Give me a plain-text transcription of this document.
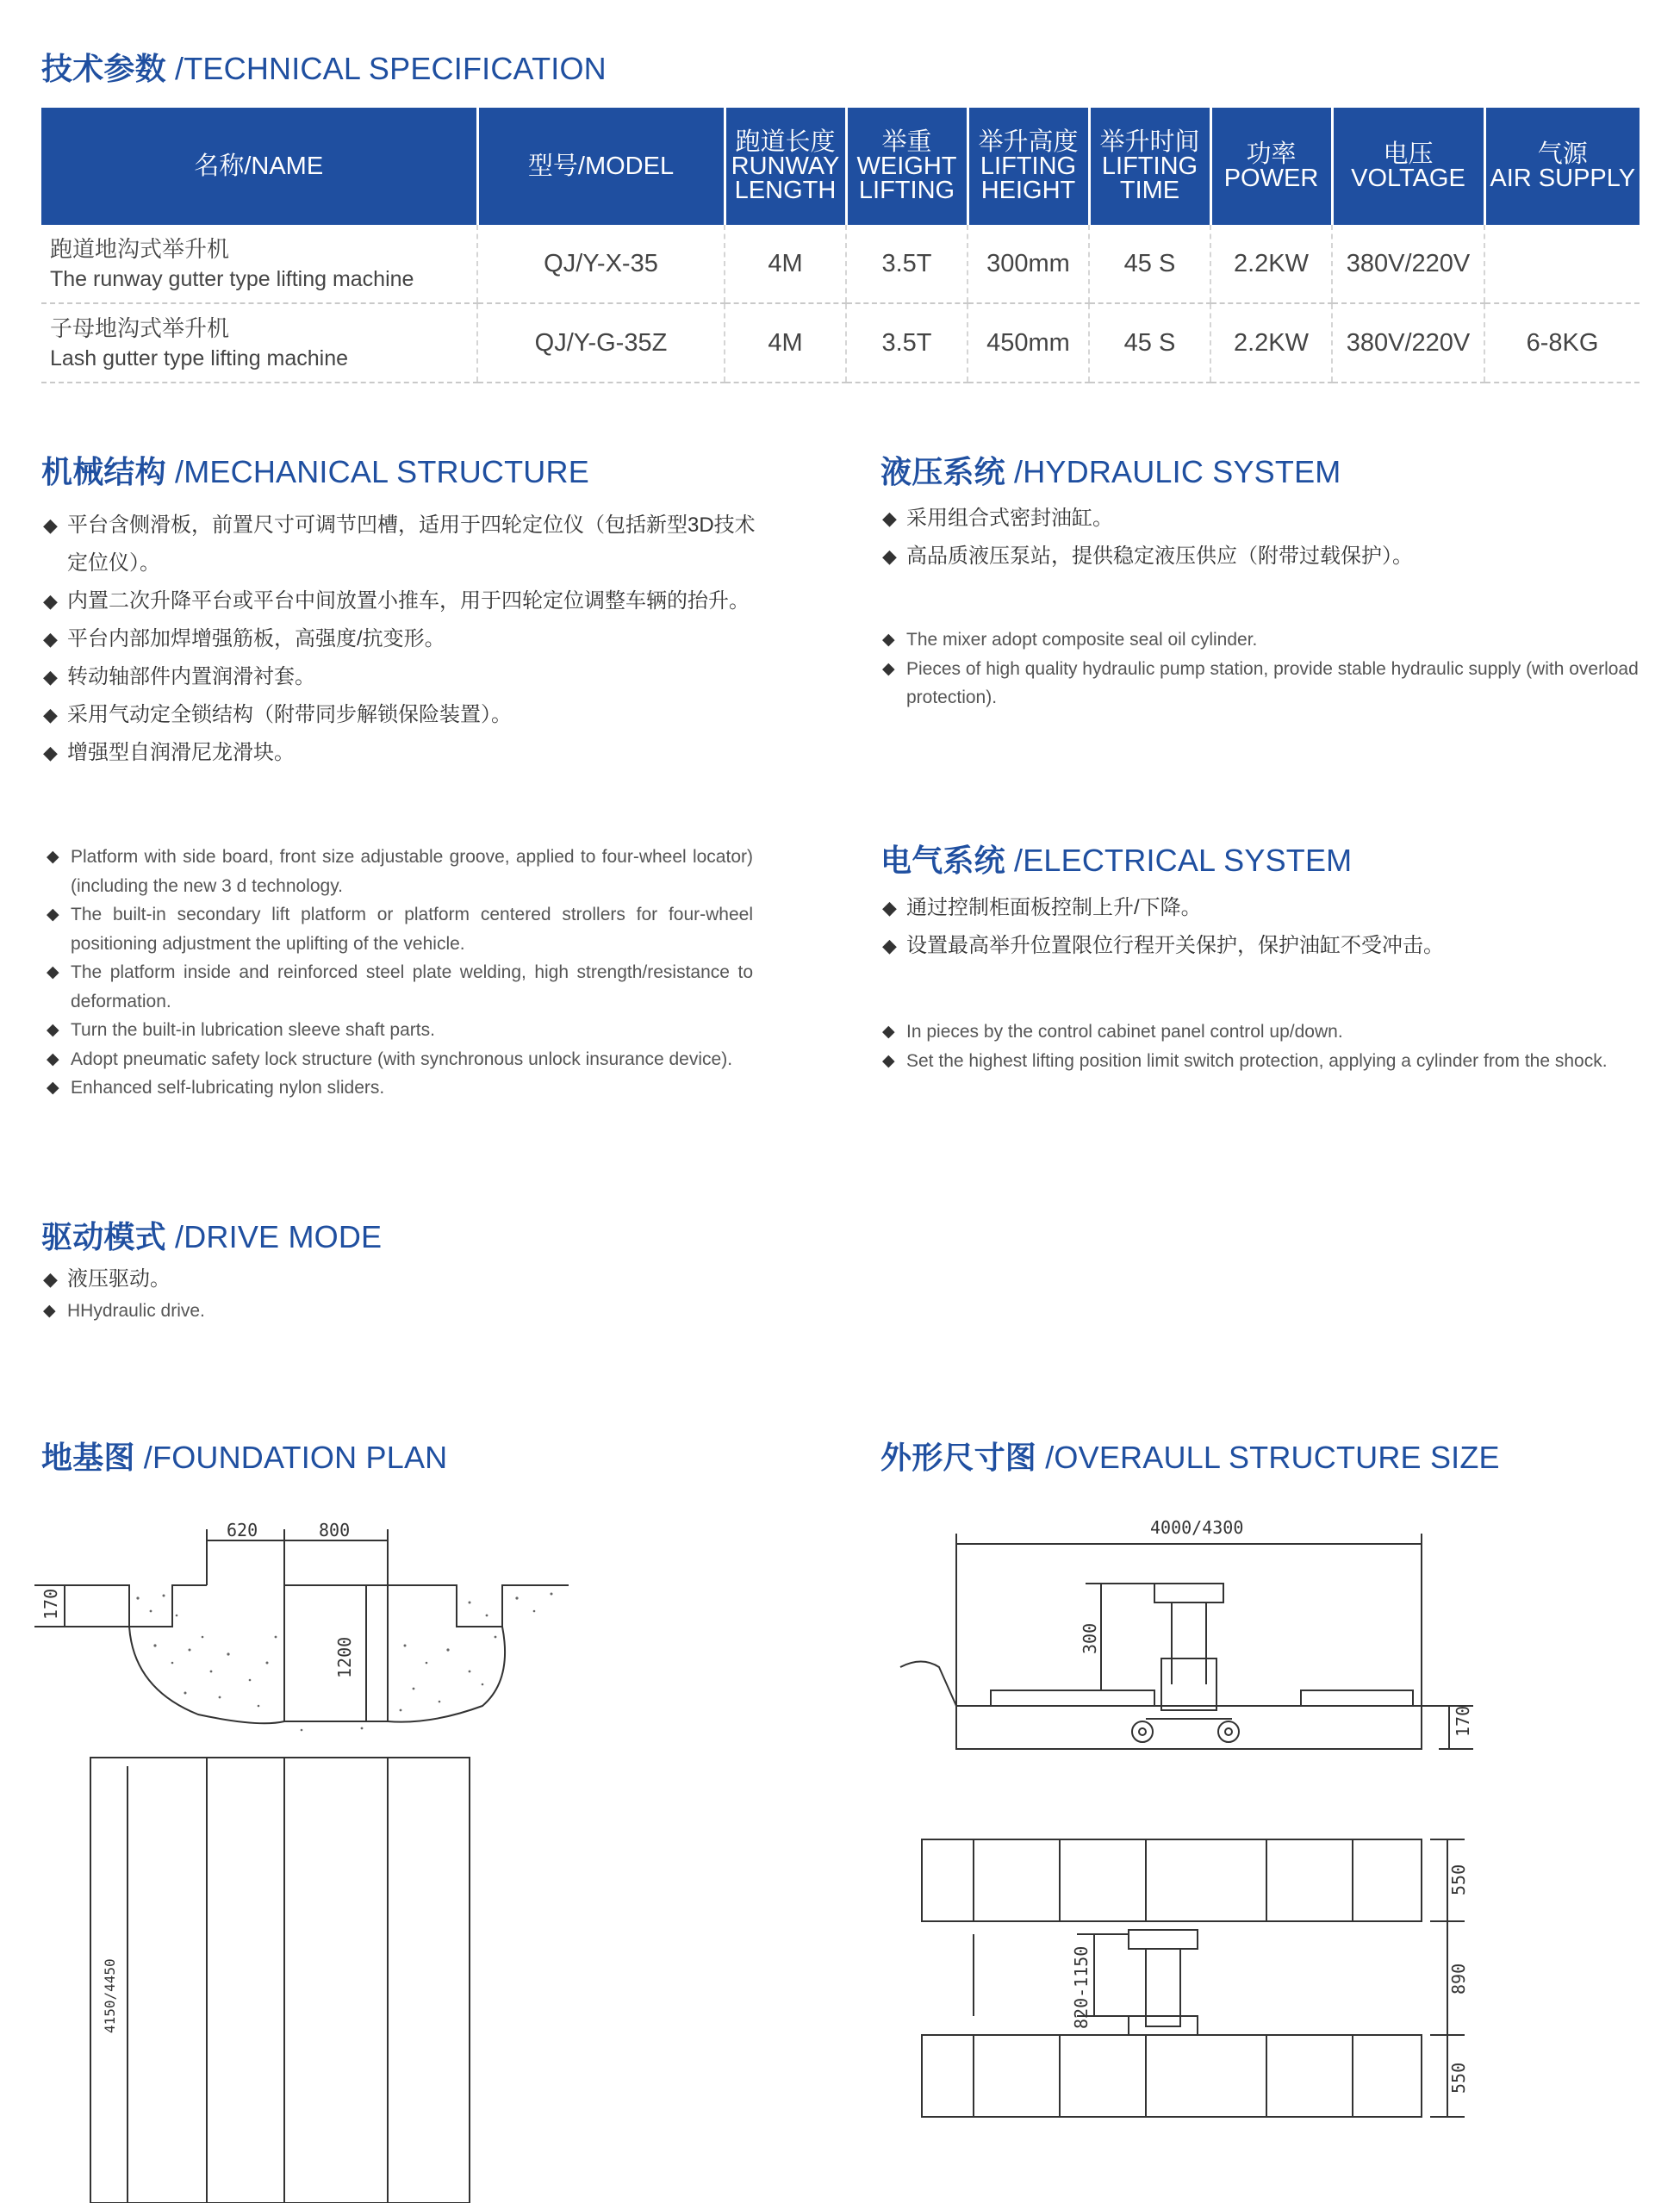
技术参数 /TECHNICAL SPECIFICATION
名称/NAME	型号/MODEL	跑道长度
RUNWAY
LENGTH	举重
WEIGHT
LIFTING	举升高度
LIFTING
HEIGHT	举升时间
LIFTING
TIME	功率
POWER	电压
VOLTAGE	气源
AIR SUPPLY
跑道地沟式举升机
The runway gutter type lifting machine	QJ/Y-X-35	4M	3.5T	300mm	45 S	2.2KW	380V/220V	
子母地沟式举升机
Lash gutter type lifting machine	QJ/Y-G-35Z	4M	3.5T	450mm	45 S	2.2KW	380V/220V	6-8KG
机械结构 /MECHANICAL STRUCTURE
◆ 平台含侧滑板，前置尺寸可调节凹槽，适用于四轮定位仪（包括新型3D技术定位仪）。
◆ 内置二次升降平台或平台中间放置小推车，用于四轮定位调整车辆的抬升。
◆ 平台内部加焊增强筋板，高强度/抗变形。
◆ 转动轴部件内置润滑衬套。
◆ 采用气动定全锁结构（附带同步解锁保险装置）。
◆ 增强型自润滑尼龙滑块。
◆ Platform with side board, front size adjustable groove, applied to four-wheel locator) (including the new 3 d technology.
◆ The built-in secondary lift platform or platform centered strollers for four-wheel positioning adjustment the uplifting of the vehicle.
◆ The platform inside and reinforced steel plate welding, high strength/resistance to deformation.
◆ Turn the built-in lubrication sleeve shaft parts.
◆ Adopt pneumatic safety lock structure (with synchronous unlock insurance device).
◆ Enhanced self-lubricating nylon sliders.
液压系统 /HYDRAULIC SYSTEM
◆ 采用组合式密封油缸。
◆ 高品质液压泵站，提供稳定液压供应（附带过载保护）。
◆ The mixer adopt composite seal oil cylinder.
◆ Pieces of high quality hydraulic pump station, provide stable hydraulic supply (with overload protection).
电气系统 /ELECTRICAL SYSTEM
◆ 通过控制柜面板控制上升/下降。
◆ 设置最高举升位置限位行程开关保护，保护油缸不受冲击。
◆ In pieces by the control cabinet panel control up/down.
◆ Set the highest lifting position limit switch protection, applying a cylinder from the shock.
驱动模式 /DRIVE MODE
◆ 液压驱动。
◆ HHydraulic drive.
地基图 /FOUNDATION PLAN
620	800
170
1200
4150/4450
外形尺寸图 /OVERAULL STRUCTURE SIZE
4000/4300
300
170
550
890
550
820-1150
